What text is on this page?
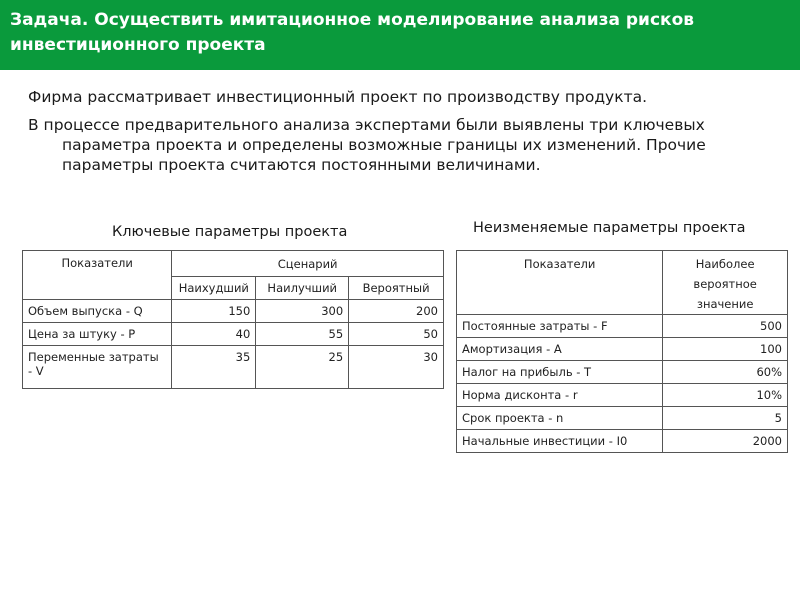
Задача. Осуществить имитационное моделирование анализа рисков
инвестиционного проекта

Фирма рассматривает инвестиционный проект по производству продукта.

В процессе предварительного анализа экспертами были выявлены три ключевых параметра проекта и определены возможные границы их изменений. Прочие параметры проекта считаются постоянными величинами.

Ключевые параметры проекта	Неизменяемые параметры проекта
Показатели	Сценарий		
	Наихудший	Наилучший	Вероятный
Объем выпуска - Q	150	300	200
Цена за штуку - P	40	55	50
Переменные затраты - V	35	25	30
Показатели	Наиболее вероятное значение
Постоянные затраты - F	500
Амортизация - A	100
Налог на прибыль - T	60%
Норма дисконта - r	10%
Срок проекта - n	5
Начальные инвестиции - I0	2000
